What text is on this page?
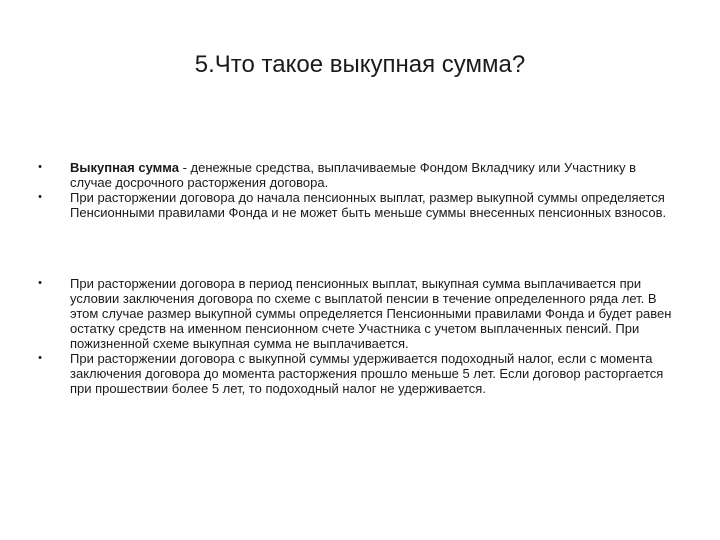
5.Что такое выкупная сумма?

• Выкупная сумма - денежные средства, выплачиваемые Фондом Вкладчику или Участнику в случае досрочного расторжения договора.

• При расторжении договора до начала пенсионных выплат, размер выкупной суммы определяется Пенсионными правилами Фонда и не может быть меньше суммы внесенных пенсионных взносов.

• При расторжении договора в период пенсионных выплат, выкупная сумма выплачивается при условии заключения договора по схеме с выплатой пенсии в течение определенного ряда лет. В этом случае размер выкупной суммы определяется Пенсионными правилами Фонда и будет равен остатку средств на именном пенсионном счете Участника с учетом выплаченных пенсий. При пожизненной схеме выкупная сумма не выплачивается.

• При расторжении договора с выкупной суммы удерживается подоходный налог, если с момента заключения договора до момента расторжения прошло меньше 5 лет. Если договор расторгается при прошествии более 5 лет, то подоходный налог не удерживается.
